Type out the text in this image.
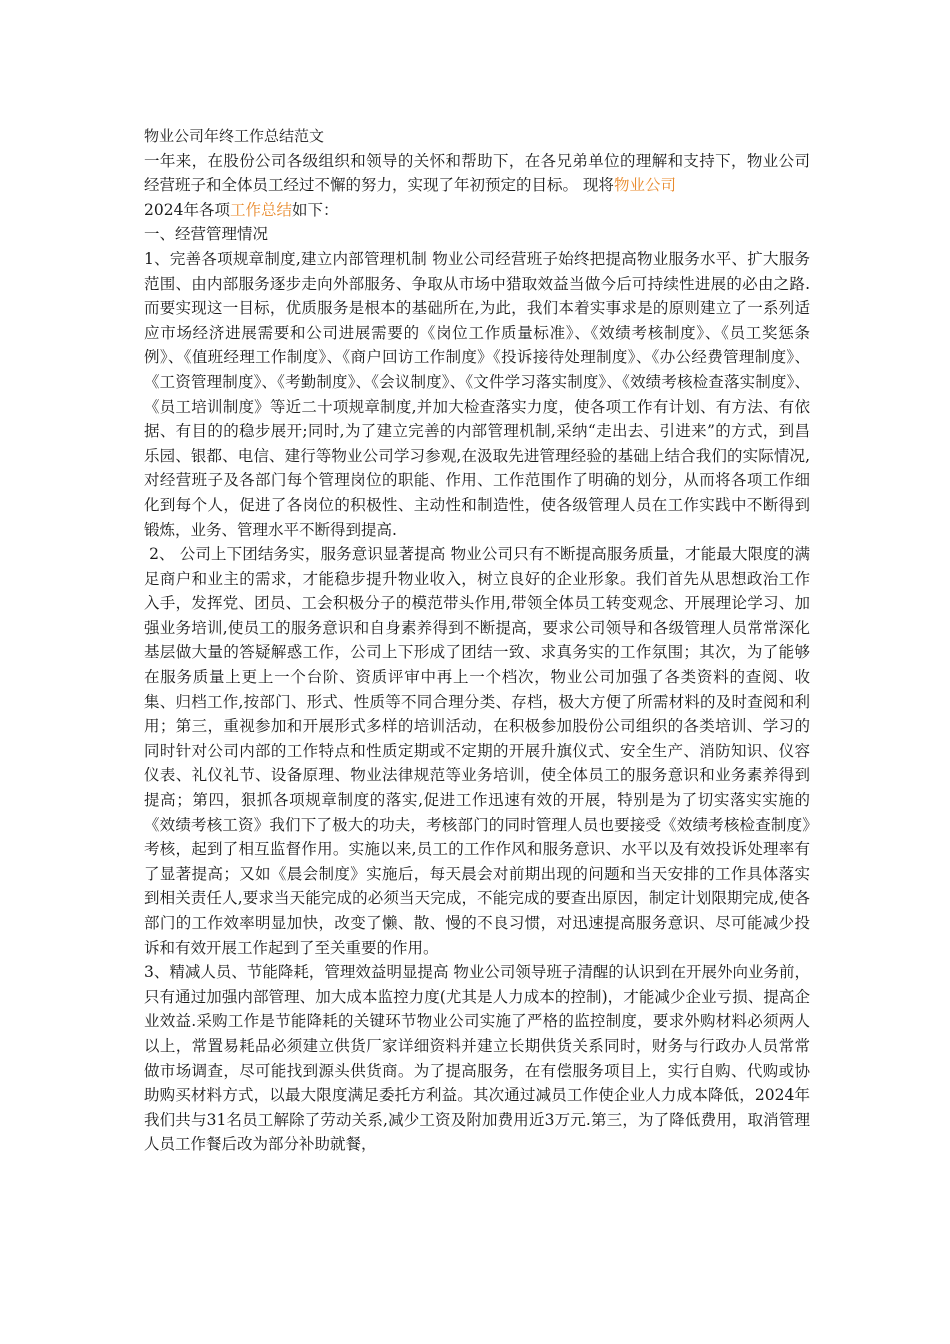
物业公司年终工作总结范文

一年来，在股份公司各级组织和领导的关怀和帮助下，在各兄弟单位的理解和支持下，物业公司经营班子和全体员工经过不懈的努力，实现了年初预定的目标。 现将物业公司
2024年各项工作总结如下：

一、经营管理情况

1、完善各项规章制度,建立内部管理机制 物业公司经营班子始终把提高物业服务水平、扩大服务范围、由内部服务逐步走向外部服务、争取从市场中猎取效益当做今后可持续性进展的必由之路.而要实现这一目标，优质服务是根本的基础所在,为此，我们本着实事求是的原则建立了一系列适应市场经济进展需要和公司进展需要的《岗位工作质量标准》、《效绩考核制度》、《员工奖惩条例》、《值班经理工作制度》、《商户回访工作制度》《投诉接待处理制度》、《办公经费管理制度》、《工资管理制度》、《考勤制度》、《会议制度》、《文件学习落实制度》、《效绩考核检查落实制度》、《员工培训制度》等近二十项规章制度,并加大检查落实力度，使各项工作有计划、有方法、有依据、有目的的稳步展开;同时,为了建立完善的内部管理机制,采纳“走出去、引进来”的方式，到昌乐园、银都、电信、建行等物业公司学习参观,在汲取先进管理经验的基础上结合我们的实际情况,对经营班子及各部门每个管理岗位的职能、作用、工作范围作了明确的划分，从而将各项工作细化到每个人，促进了各岗位的积极性、主动性和制造性，使各级管理人员在工作实践中不断得到锻炼，业务、管理水平不断得到提高.

2、 公司上下团结务实，服务意识显著提高 物业公司只有不断提高服务质量，才能最大限度的满足商户和业主的需求，才能稳步提升物业收入，树立良好的企业形象。我们首先从思想政治工作入手，发挥党、团员、工会积极分子的模范带头作用,带领全体员工转变观念、开展理论学习、加强业务培训,使员工的服务意识和自身素养得到不断提高，要求公司领导和各级管理人员常常深化基层做大量的答疑解惑工作，公司上下形成了团结一致、求真务实的工作氛围；其次，为了能够在服务质量上更上一个台阶、资质评审中再上一个档次，物业公司加强了各类资料的查阅、收集、归档工作,按部门、形式、性质等不同合理分类、存档，极大方便了所需材料的及时查阅和利用；第三，重视参加和开展形式多样的培训活动，在积极参加股份公司组织的各类培训、学习的同时针对公司内部的工作特点和性质定期或不定期的开展升旗仪式、安全生产、消防知识、仪容仪表、礼仪礼节、设备原理、物业法律规范等业务培训，使全体员工的服务意识和业务素养得到提高；第四，狠抓各项规章制度的落实,促进工作迅速有效的开展，特别是为了切实落实实施的《效绩考核工资》我们下了极大的功夫，考核部门的同时管理人员也要接受《效绩考核检查制度》考核，起到了相互监督作用。实施以来,员工的工作作风和服务意识、水平以及有效投诉处理率有了显著提高；又如《晨会制度》实施后，每天晨会对前期出现的问题和当天安排的工作具体落实到相关责任人,要求当天能完成的必须当天完成，不能完成的要查出原因，制定计划限期完成,使各部门的工作效率明显加快，改变了懒、散、慢的不良习惯，对迅速提高服务意识、尽可能减少投诉和有效开展工作起到了至关重要的作用。

3、精减人员、节能降耗，管理效益明显提高 物业公司领导班子清醒的认识到在开展外向业务前，只有通过加强内部管理、加大成本监控力度(尤其是人力成本的控制)，才能减少企业亏损、提高企业效益.采购工作是节能降耗的关键环节物业公司实施了严格的监控制度，要求外购材料必须两人以上，常置易耗品必须建立供货厂家详细资料并建立长期供货关系同时，财务与行政办人员常常做市场调查，尽可能找到源头供货商。为了提高服务，在有偿服务项目上，实行自购、代购或协助购买材料方式，以最大限度满足委托方利益。其次通过减员工作使企业人力成本降低，2024年我们共与31名员工解除了劳动关系,减少工资及附加费用近3万元.第三，为了降低费用，取消管理人员工作餐后改为部分补助就餐，
